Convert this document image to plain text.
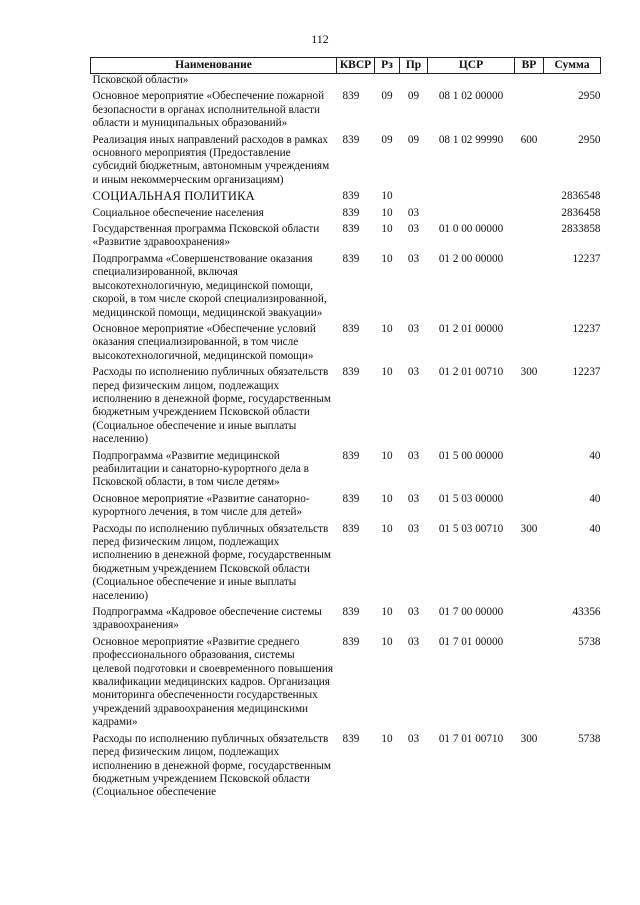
112
Наименование	КВСР	Рз	Пр	ЦСР	ВР	Сумма
Псковской области»						

Основное мероприятие «Обеспечение пожарной безопасности в органах исполнительной власти области и муниципальных образований»	839	09	09	08 1 02 00000		2950

Реализация иных направлений расходов в рамках основного мероприятия (Предоставление субсидий бюджетным, автономным учреждениям и иным некоммерческим организациям)	839	09	09	08 1 02 99990	600	2950

СОЦИАЛЬНАЯ ПОЛИТИКА	839	10				2836548

Социальное обеспечение населения	839	10	03			2836458

Государственная программа Псковской области «Развитие здравоохранения»	839	10	03	01 0 00 00000		2833858

Подпрограмма «Совершенствование оказания специализированной, включая высокотехнологичную, медицинской помощи, скорой, в том числе скорой специализированной, медицинской помощи, медицинской эвакуации»	839	10	03	01 2 00 00000		12237

Основное мероприятие «Обеспечение условий оказания специализированной, в том числе высокотехнологичной, медицинской помощи»	839	10	03	01 2 01 00000		12237

Расходы по исполнению публичных обязательств перед физическим лицом, подлежащих исполнению в денежной форме, государственным бюджетным учреждением Псковской области (Социальное обеспечение и иные выплаты населению)	839	10	03	01 2 01 00710	300	12237

Подпрограмма «Развитие медицинской реабилитации и санаторно-курортного дела в Псковской области, в том числе детям»	839	10	03	01 5 00 00000		40

Основное мероприятие «Развитие санаторно-курортного лечения, в том числе для детей»	839	10	03	01 5 03 00000		40

Расходы по исполнению публичных обязательств перед физическим лицом, подлежащих исполнению в денежной форме, государственным бюджетным учреждением Псковской области (Социальное обеспечение и иные выплаты населению)	839	10	03	01 5 03 00710	300	40

Подпрограмма «Кадровое обеспечение системы здравоохранения»	839	10	03	01 7 00 00000		43356

Основное мероприятие «Развитие среднего профессионального образования, системы целевой подготовки и своевременного повышения квалификации медицинских кадров. Организация мониторинга обеспеченности государственных учреждений здравоохранения медицинскими кадрами»	839	10	03	01 7 01 00000		5738

Расходы по исполнению публичных обязательств перед физическим лицом, подлежащих исполнению в денежной форме, государственным бюджетным учреждением Псковской области (Социальное обеспечение	839	10	03	01 7 01 00710	300	5738
